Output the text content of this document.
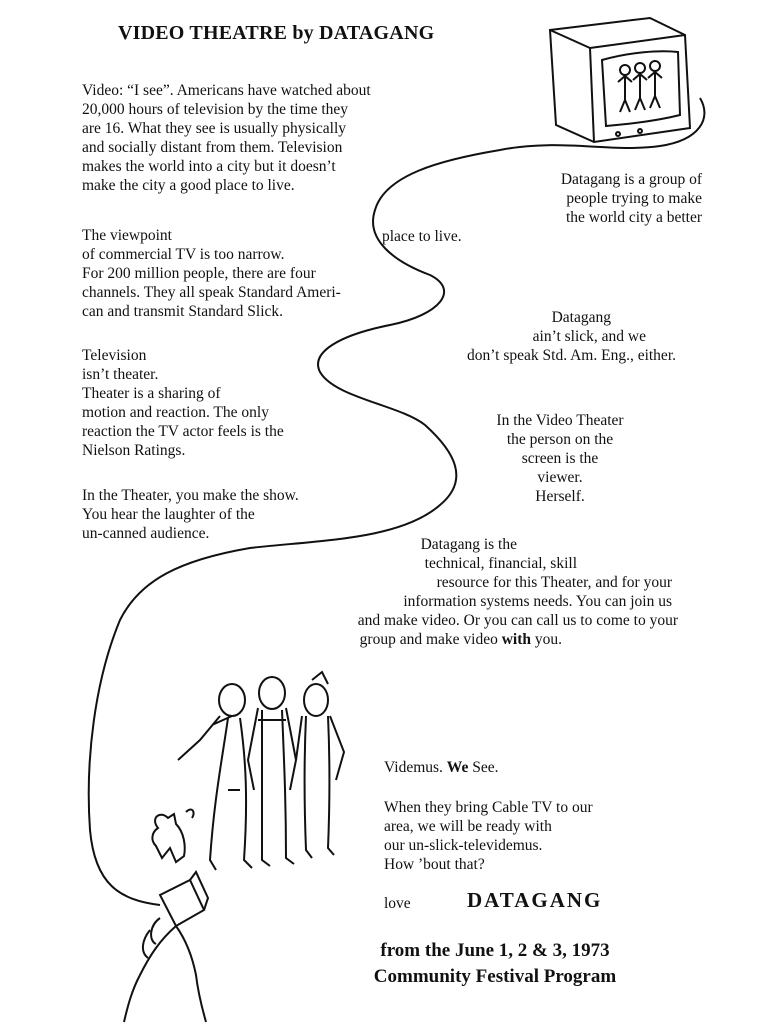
VIDEO THEATRE by DATAGANG
Video: “I see”. Americans have watched about
20,000 hours of television by the time they
are 16. What they see is usually physically
and socially distant from them. Television
makes the world into a city but it doesn’t
make the city a good place to live.
The viewpoint
of commercial TV is too narrow.
For 200 million people, there are four
channels. They all speak Standard Ameri-
can and transmit Standard Slick.
Television
isn’t theater.
Theater is a sharing of
motion and reaction. The only
reaction the TV actor feels is the
Nielson Ratings.
In the Theater, you make the show.
You hear the laughter of the
un-canned audience.
Datagang is a group of
people trying to make
the world city a better
place to live.
Datagang
ain’t slick, and we
don’t speak Std. Am. Eng., either.
In the Video Theater
the person on the
screen is the
viewer.
Herself.
Datagang is the
technical, financial, skill
resource for this Theater, and for your
information systems needs. You can join us
and make video. Or you can call us to come to your
group and make video with you.
Videmus. We See.
When they bring Cable TV to our
area, we will be ready with
our un-slick-televidemus.
How ’bout that?
love	DATAGANG
from the June 1, 2 & 3, 1973
Community Festival Program
